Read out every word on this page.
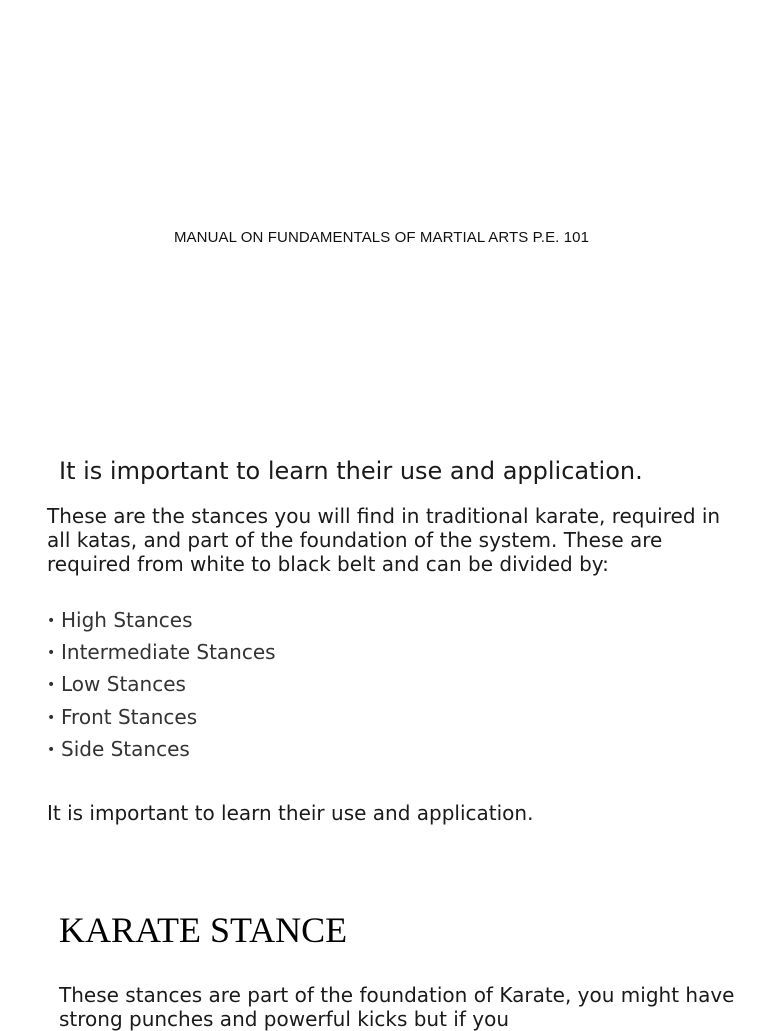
MANUAL ON FUNDAMENTALS OF MARTIAL ARTS P.E. 101
It is important to learn their use and application.

These are the stances you will find in traditional karate, required in all katas, and part of the foundation of the system. These are required from white to black belt and can be divided by:

• High Stances
• Intermediate Stances
• Low Stances
• Front Stances
• Side Stances

It is important to learn their use and application.

KARATE STANCE

These stances are part of the foundation of Karate, you might have strong punches and powerful kicks but if you
